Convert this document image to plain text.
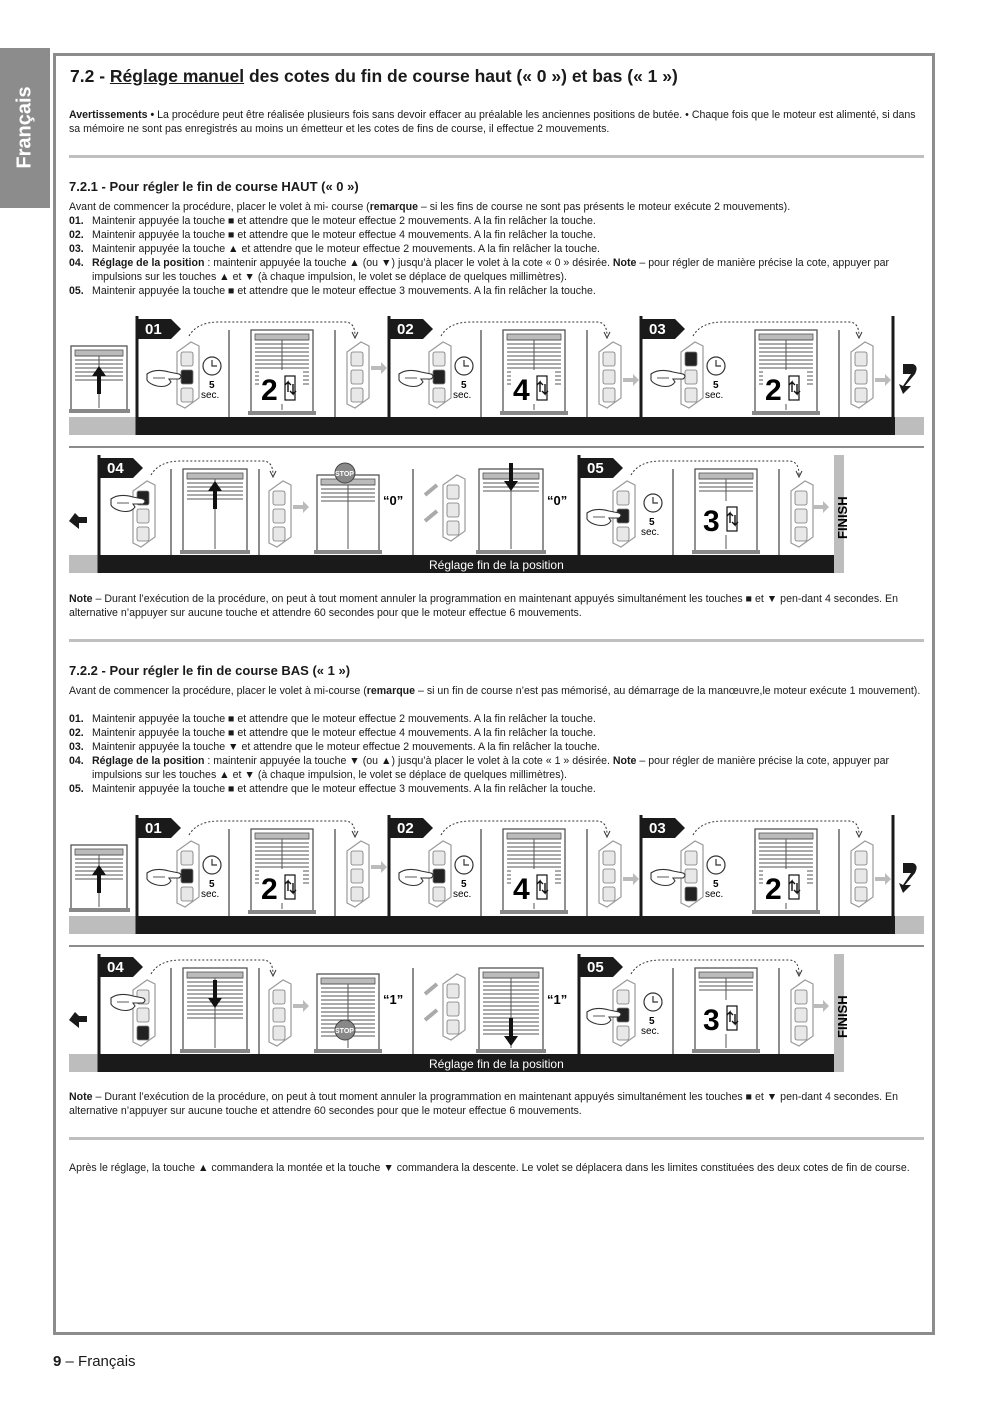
Français
7.2 - Réglage manuel des cotes du fin de course haut (« 0 ») et bas (« 1 »)
Avertissements • La procédure peut être réalisée plusieurs fois sans devoir effacer au préalable les anciennes positions de butée. • Chaque fois que le moteur est alimenté, si dans sa mémoire ne sont pas enregistrés au moins un émetteur et les cotes de fins de course, il effectue 2 mouvements.
7.2.1 - Pour régler le fin de course HAUT (« 0 »)
Avant de commencer la procédure, placer le volet à mi- course (remarque – si les fins de course ne sont pas présents le moteur exécute 2 mouvements).
01. Maintenir appuyée la touche ■ et attendre que le moteur effectue 2 mouvements. A la fin relâcher la touche.
02. Maintenir appuyée la touche ■ et attendre que le moteur effectue 4 mouvements. A la fin relâcher la touche.
03. Maintenir appuyée la touche ▲ et attendre que le moteur effectue 2 mouvements. A la fin relâcher la touche.
04. Réglage de la position : maintenir appuyée la touche ▲ (ou ▼) jusqu’à placer le volet à la cote « 0 » désirée. Note – pour régler de manière précise la cote, appuyer par impulsions sur les touches ▲ et ▼ (à chaque impulsion, le volet se déplace de quelques millimètres).
05. Maintenir appuyée la touche ■ et attendre que le moteur effectue 3 mouvements. A la fin relâcher la touche.
01
5
sec. 2
02
5
sec. 4
03
5
sec. 2
04	STOP
“0”	“0”
Réglage fin de la position
05
5
sec. 3	FINISH
Note – Durant l’exécution de la procédure, on peut à tout moment annuler la programmation en maintenant appuyés simultanément les touches ■ et ▼ pen-dant 4 secondes. En alternative n’appuyer sur aucune touche et attendre 60 secondes pour que le moteur effectue 6 mouvements.
7.2.2 - Pour régler le fin de course BAS (« 1 »)
Avant de commencer la procédure, placer le volet à mi-course (remarque – si un fin de course n’est pas mémorisé, au démarrage de la manœuvre,le moteur exécute 1 mouvement).
01. Maintenir appuyée la touche ■ et attendre que le moteur effectue 2 mouvements. A la fin relâcher la touche.
02. Maintenir appuyée la touche ■ et attendre que le moteur effectue 4 mouvements. A la fin relâcher la touche.
03. Maintenir appuyée la touche ▼ et attendre que le moteur effectue 2 mouvements. A la fin relâcher la touche.
04. Réglage de la position : maintenir appuyée la touche ▼ (ou ▲) jusqu’à placer le volet à la cote « 1 » désirée. Note – pour régler de manière précise la cote, appuyer par impulsions sur les touches ▲ et ▼ (à chaque impulsion, le volet se déplace de quelques millimètres).
05. Maintenir appuyée la touche ■ et attendre que le moteur effectue 3 mouvements. A la fin relâcher la touche.
01
5
sec. 2
02
5
sec. 4
03
5
sec. 2
04
STOP
“1”	“1”
Réglage fin de la position
05
5
sec. 3	FINISH
Note – Durant l’exécution de la procédure, on peut à tout moment annuler la programmation en maintenant appuyés simultanément les touches ■ et ▼ pen-dant 4 secondes. En alternative n’appuyer sur aucune touche et attendre 60 secondes pour que le moteur effectue 6 mouvements.
Après le réglage, la touche ▲ commandera la montée et la touche ▼ commandera la descente. Le volet se déplacera dans les limites constituées des deux cotes de fin de course.
9 – Français
